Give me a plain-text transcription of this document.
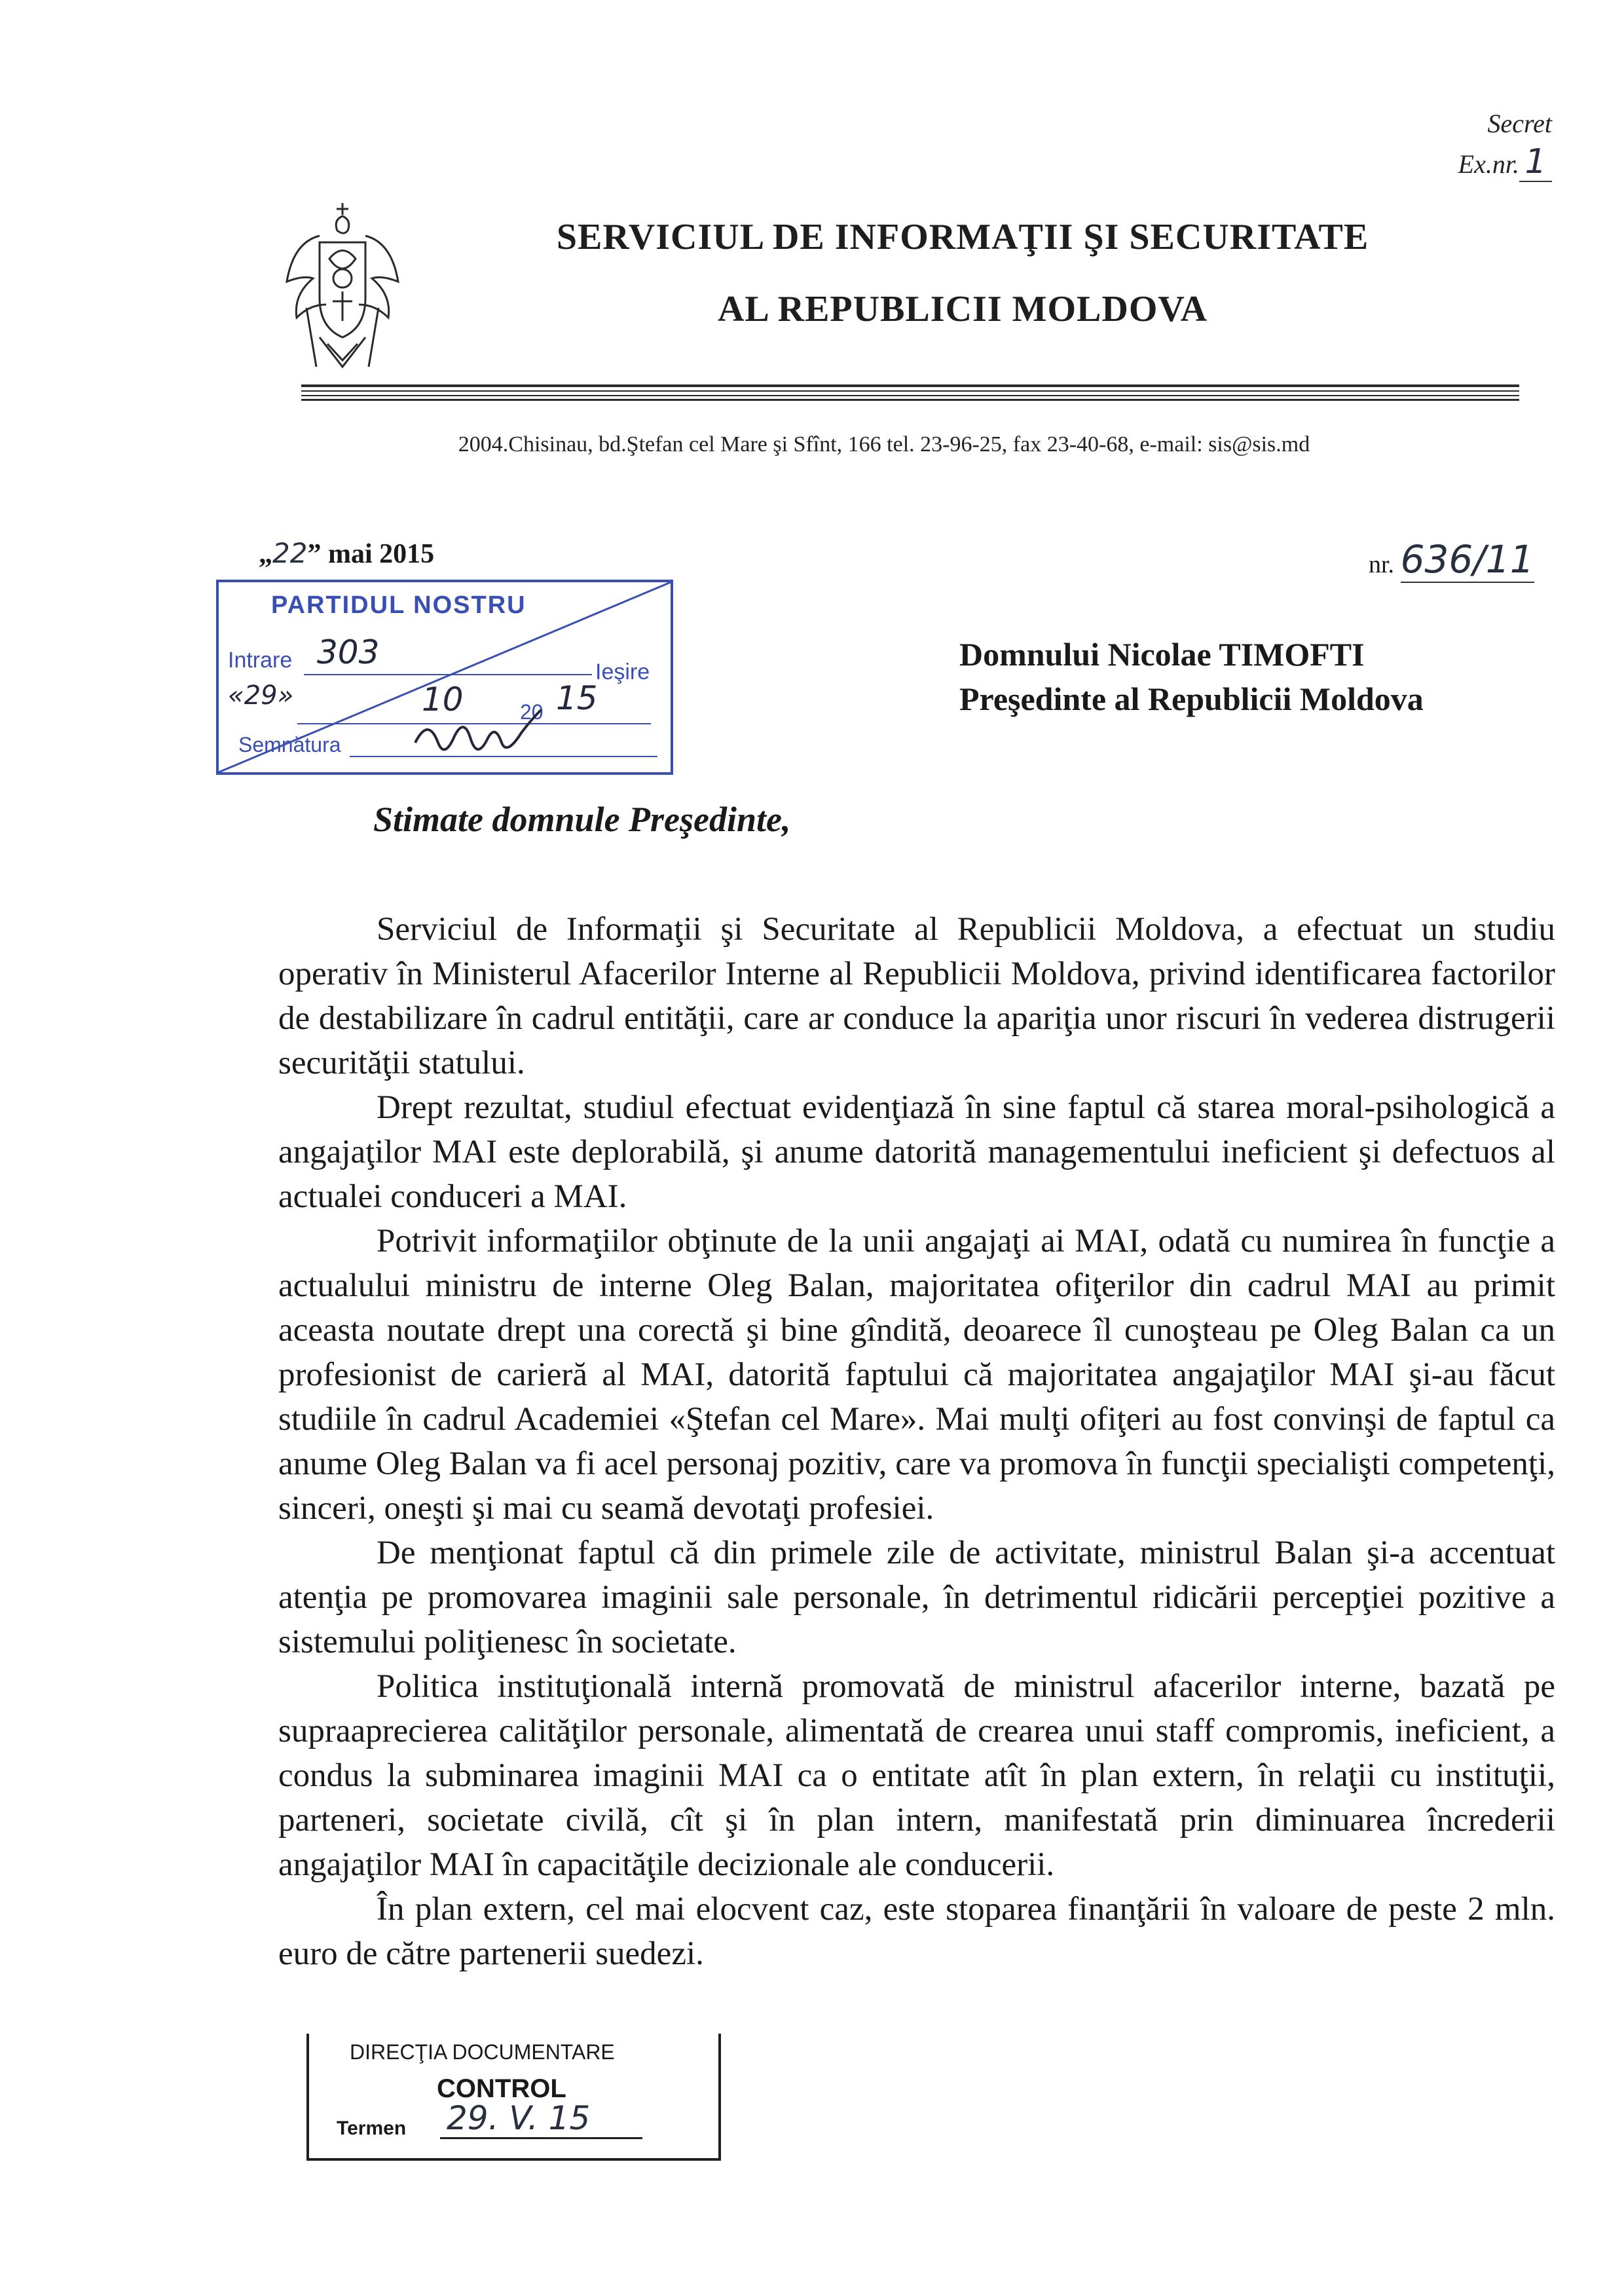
Secret
Ex.nr. 1
SERVICIUL DE INFORMAŢII ŞI SECURITATE
AL REPUBLICII MOLDOVA
2004.Chisinau, bd.Ştefan cel Mare şi Sfînt, 166 tel. 23-96-25, fax 23-40-68, e-mail: sis@sis.md
„22” mai 2015	nr. 636/11
PARTIDUL NOSTRU
Intrare 303
Ieşire
«29»	10	20 15
Semnătura
Domnului Nicolae TIMOFTI
Preşedinte al Republicii Moldova
Stimate domnule Preşedinte,

Serviciul de Informaţii şi Securitate al Republicii Moldova, a efectuat un studiu operativ în Ministerul Afacerilor Interne al Republicii Moldova, privind identificarea factorilor de destabilizare în cadrul entităţii, care ar conduce la apariţia unor riscuri în vederea distrugerii securităţii statului.

Drept rezultat, studiul efectuat evidenţiază în sine faptul că starea moral-psihologică a angajaţilor MAI este deplorabilă, şi anume datorită managementului ineficient şi defectuos al actualei conduceri a MAI.

Potrivit informaţiilor obţinute de la unii angajaţi ai MAI, odată cu numirea în funcţie a actualului ministru de interne Oleg Balan, majoritatea ofiţerilor din cadrul MAI au primit aceasta noutate drept una corectă şi bine gîndită, deoarece îl cunoşteau pe Oleg Balan ca un profesionist de carieră al MAI, datorită faptului că majoritatea angajaţilor MAI şi-au făcut studiile în cadrul Academiei «Ştefan cel Mare». Mai mulţi ofiţeri au fost convinşi de faptul ca anume Oleg Balan va fi acel personaj pozitiv, care va promova în funcţii specialişti competenţi, sinceri, oneşti şi mai cu seamă devotaţi profesiei.

De menţionat faptul că din primele zile de activitate, ministrul Balan şi-a accentuat atenţia pe promovarea imaginii sale personale, în detrimentul ridicării percepţiei pozitive a sistemului poliţienesc în societate.

Politica instituţională internă promovată de ministrul afacerilor interne, bazată pe supraaprecierea calităţilor personale, alimentată de crearea unui staff compromis, ineficient, a condus la subminarea imaginii MAI ca o entitate atît în plan extern, în relaţii cu instituţii, parteneri, societate civilă, cît şi în plan intern, manifestată prin diminuarea încrederii angajaţilor MAI în capacităţile decizionale ale conducerii.

În plan extern, cel mai elocvent caz, este stoparea finanţării în valoare de peste 2 mln. euro de către partenerii suedezi.

DIRECŢIA DOCUMENTARE
CONTROL
Termen 29. V. 15
